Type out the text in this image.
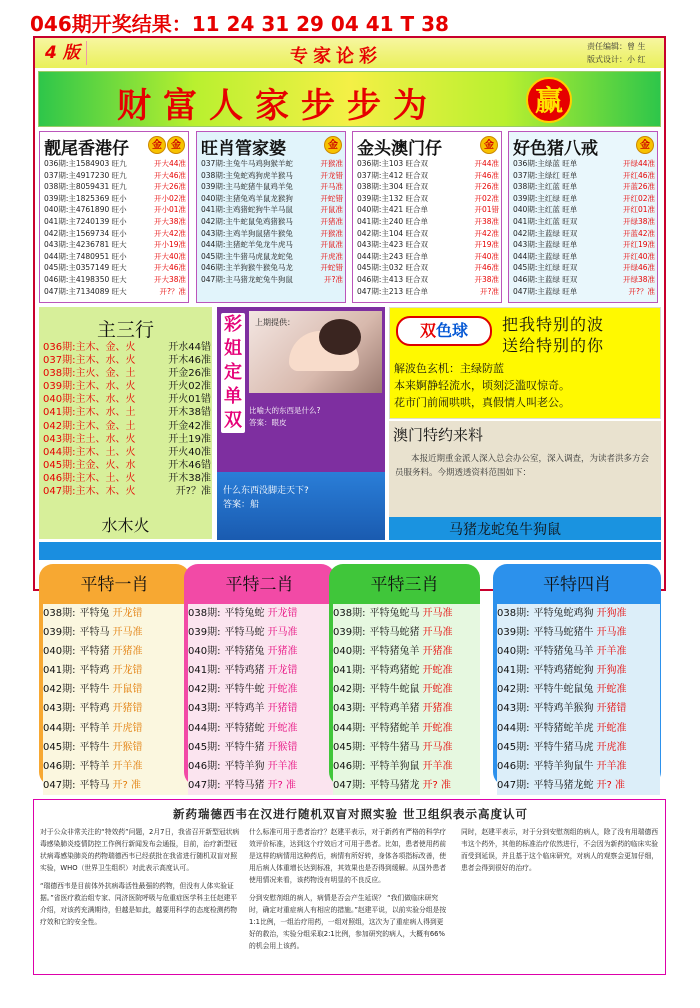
046期开奖结果：11 24 31 29 04 41 T 38
4 版	专家论彩	责任编辑：曾 生
版式设计：小 红
财富人家步步为	赢
靓尾香港仔	金 金
036期:主1584903 旺九	开大44准
037期:主4917230 旺九	开大46准
038期:主8059431 旺九	开大26准
039期:主1825369 旺小	开小02准
040期:主4761890 旺小	开小01准
041期:主7240139 旺小	开大38准
042期:主1569734 旺小	开大42准
043期:主4236781 旺大	开小19准
044期:主7480951 旺小	开大40准
045期:主0357149 旺大	开大46准
046期:主4198350 旺大	开大38准
047期:主7134089 旺大	开?？准
旺肖管家婆	金
037期:主兔牛马鸡狗猴羊蛇	开猴准
038期:主兔蛇鸡狗虎羊猴马	开龙错
039期:主马蛇猪牛鼠鸡羊兔	开马准
040期:主猪兔鸡羊鼠龙猴狗	开蛇错
041期:主鸡猪蛇狗牛羊马鼠	开鼠准
042期:主牛蛇鼠兔鸡猪猴马	开猪准
043期:主鸡羊狗鼠猪牛猴兔	开猴准
044期:主猪蛇羊兔龙牛虎马	开鼠准
045期:主牛猪马虎鼠龙蛇兔	开虎准
046期:主羊狗猴牛猴兔马龙	开蛇错
047期:主马猪龙蛇兔牛狗鼠	开?准
金头澳门仔	金
036期:主103 旺合双	开44准
037期:主412 旺合双	开46准
038期:主304 旺合双	开26准
039期:主132 旺合双	开02准
040期:主421 旺合单	开01错
041期:主240 旺合单	开38准
042期:主104 旺合双	开42准
043期:主423 旺合双	开19准
044期:主243 旺合单	开40准
045期:主032 旺合双	开46准
046期:主413 旺合双	开38准
047期:主213 旺合单	开?准
好色猪八戒	金
036期:主绿蓝 旺单	开绿44准
037期:主绿红 旺单	开红46准
038期:主红蓝 旺单	开蓝26准
039期:主红绿 旺单	开红02准
040期:主红蓝 旺单	开红01准
041期:主红蓝 旺双	开绿38准
042期:主蓝绿 旺双	开蓝42准
043期:主蓝绿 旺单	开红19准
044期:主蓝绿 旺单	开红40准
045期:主红绿 旺双	开绿46准
046期:主蓝绿 旺双	开绿38准
047期:主蓝绿 旺单	开?？准
主三行
036期:主木、金、火	开水44错
037期:主木、水、火	开木46准
038期:主火、金、土	开金26准
039期:主木、水、火	开火02准
040期:主木、水、火	开火01错
041期:主木、水、土	开木38错
042期:主木、金、土	开金42准
043期:主土、水、火	开土19准
044期:主木、土、火	开火40准
045期:主金、火、水	开木46错
046期:主木、土、火	开木38准
047期:主木、木、火	开?？准
水木火
彩姐定单双
上期提供：
比喻大的东西是什么?
答案：眼皮
什么东西没脚走天下?
答案：船
双色球	把我特别的波
送给特别的你
解波色玄机：主绿防蓝
本来婀静轻流水，顷刻泛滥叹惊奇。
花市门前闹哄哄，真假情人叫老公。
澳门特约来料
本报近期重金派人深入总会办公室，深入调查，为读者洪多方会员服务料。今期透透资料范围如下：
马猪龙蛇兔牛狗鼠
平特一肖
038期: 平特兔 开龙错
039期: 平特马 开马准
040期: 平特猪 开猪准
041期: 平特鸡 开龙错
042期: 平特牛 开鼠错
043期: 平特鸡 开猪错
044期: 平特羊 开虎错
045期: 平特牛 开猴错
046期: 平特羊 开羊准
047期: 平特马 开? 准
平特二肖
038期: 平特兔蛇 开龙错
039期: 平特马蛇 开马准
040期: 平特猪兔 开猪准
041期: 平特鸡猪 开龙错
042期: 平特牛蛇 开蛇准
043期: 平特鸡羊 开猪错
044期: 平特猪蛇 开蛇准
045期: 平特牛猪 开猴错
046期: 平特羊狗 开羊准
047期: 平特马猪 开? 准
平特三肖
038期: 平特兔蛇马 开马准
039期: 平特马蛇猪 开马准
040期: 平特猪兔羊 开猪准
041期: 平特鸡猪蛇 开蛇准
042期: 平特牛蛇鼠 开蛇准
043期: 平特鸡羊猪 开猪准
044期: 平特猪蛇羊 开蛇准
045期: 平特牛猪马 开马准
046期: 平特羊狗鼠 开羊准
047期: 平特马猪龙 开? 准
平特四肖
038期: 平特兔蛇鸡狗 开狗准
039期: 平特马蛇猪牛 开马准
040期: 平特猪兔马羊 开羊准
041期: 平特鸡猪蛇狗 开狗准
042期: 平特牛蛇鼠兔 开蛇准
043期: 平特鸡羊猴狗 开猪错
044期: 平特猪蛇羊虎 开蛇准
045期: 平特牛猪马虎 开虎准
046期: 平特羊狗鼠牛 开羊准
047期: 平特马猪龙蛇 开? 准
新药瑞德西韦在汉进行随机双盲对照实验 世卫组织表示高度认可

对于公众非常关注的“特效药”问题，2月7日，我省召开新型冠状病毒感染肺炎疫情防控工作例行新闻发布会通报，目前，治疗新型冠状病毒感染肺炎的药物瑞德西韦已经获批在我省进行随机双盲对照实验，WHO（世界卫生组织）对此表示高度认可。

“瑞德西韦是目前体外抗病毒活性最强的药物，但没有人体实验证据。”省医疗救治组专家、同济医院呼吸与危重症医学科主任赵建平介绍，对该药充满期待，但越是如此，越要用科学的态度检测药物疗效和它的安全性。

什么标准可用于患者治疗？赵建平表示，对于新药有严格的科学疗效评价标准，达到这个疗效后才可用于患者。比如，患者使用药前是这样的病情用这种药后，病情有所好转，身体各项指标改善，使用后病人体重增长达到标准，其效果也是否得到缓解。从国外患者使用情况来看，该药物没有明显的不良反应。

分到安慰剂组的病人，病情是否会产生延误？ “我们做临床研究时，确定对重症病人有相应的措施。”赵建平说，以前实验分组是按1:1比例，一组治疗用药，一组对照组，这次为了重症病人得到更好的救治，实验分组采取2:1比例，参加研究的病人，大概有66%的机会用上该药。

同时，赵建平表示，对于分到安慰剂组的病人，除了没有用瑞德西韦这个药外，其他的标准治疗依然进行，不会因为新药的临床实验而受到延误，并且基于这个临床研究，对病人的观察会更加仔细，患者会得到很好的治疗。
